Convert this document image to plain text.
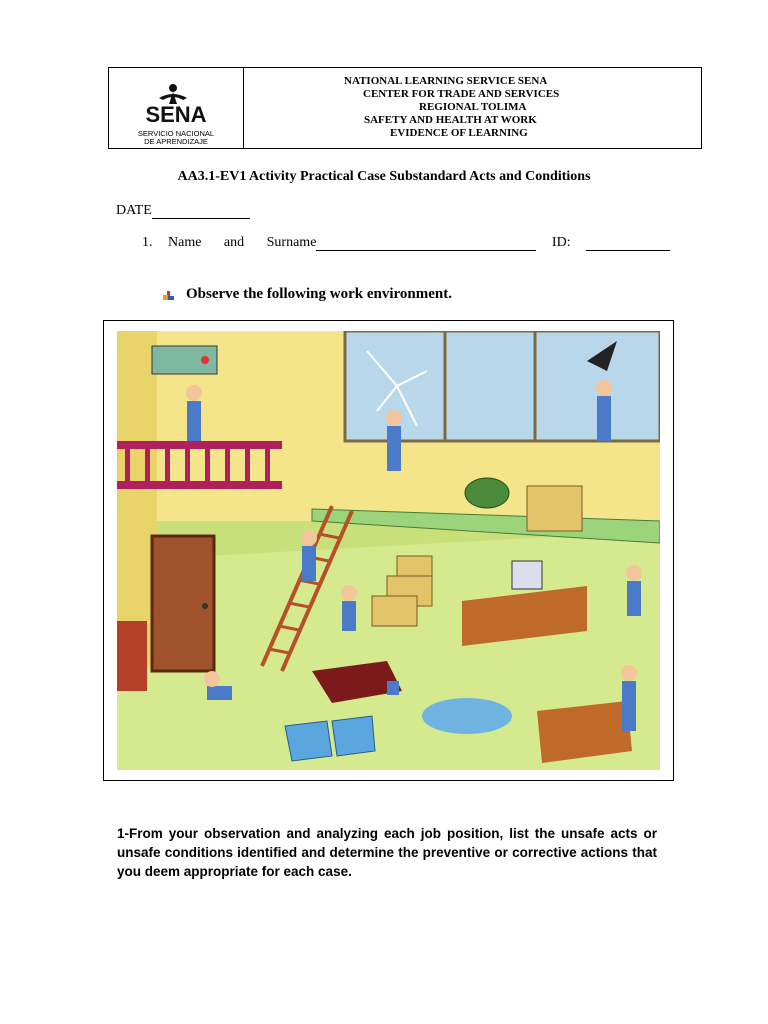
SENA
SERVICIO NACIONAL
DE APRENDIZAJE
NATIONAL LEARNING SERVICE SENA
CENTER FOR TRADE AND SERVICES
REGIONAL TOLIMA
SAFETY AND HEALTH AT WORK
EVIDENCE OF LEARNING
AA3.1-EV1 Activity Practical Case Substandard Acts and Conditions
DATE
1. Name   and   Surname	ID:
Observe the following work environment.
1-From your observation and analyzing each job position, list the unsafe acts or unsafe conditions identified and determine the preventive or corrective actions that you deem appropriate for each case.
